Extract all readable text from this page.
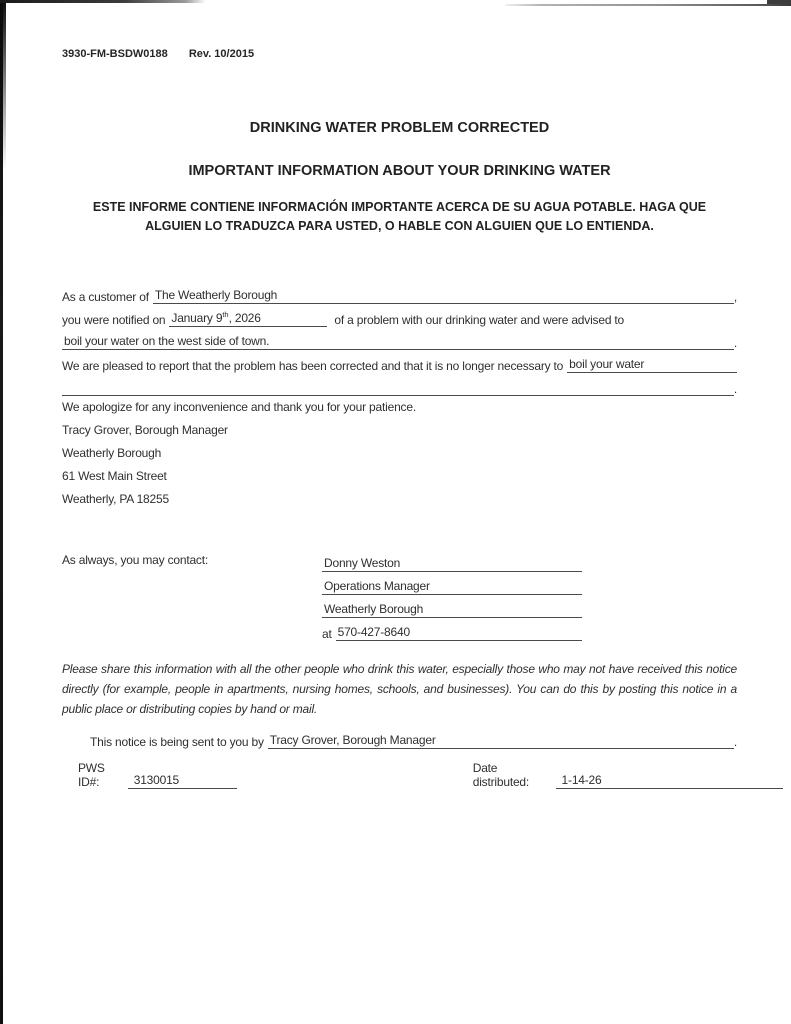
3930-FM-BSDW0188 Rev. 10/2015
DRINKING WATER PROBLEM CORRECTED
IMPORTANT INFORMATION ABOUT YOUR DRINKING WATER

ESTE INFORME CONTIENE INFORMACIÓN IMPORTANTE ACERCA DE SU AGUA POTABLE. HAGA QUE ALGUIEN LO TRADUZCA PARA USTED, O HABLE CON ALGUIEN QUE LO ENTIENDA.

As a customer of The Weatherly Borough	,
you were notified on January 9th, 2026	of a problem with our drinking water and were advised to
boil your water on the west side of town.	.
We are pleased to report that the problem has been corrected and that it is no longer necessary to boil your water
.
We apologize for any inconvenience and thank you for your patience.
Tracy Grover, Borough Manager
Weatherly Borough
61 West Main Street
Weatherly, PA 18255
As always, you may contact:	Donny Weston
Operations Manager
Weatherly Borough
at 570-427-8640

Please share this information with all the other people who drink this water, especially those who may not have received this notice directly (for example, people in apartments, nursing homes, schools, and businesses). You can do this by posting this notice in a public place or distributing copies by hand or mail.

This notice is being sent to you by Tracy Grover, Borough Manager	.
PWS ID#:	3130015
Date distributed:	1-14-26
